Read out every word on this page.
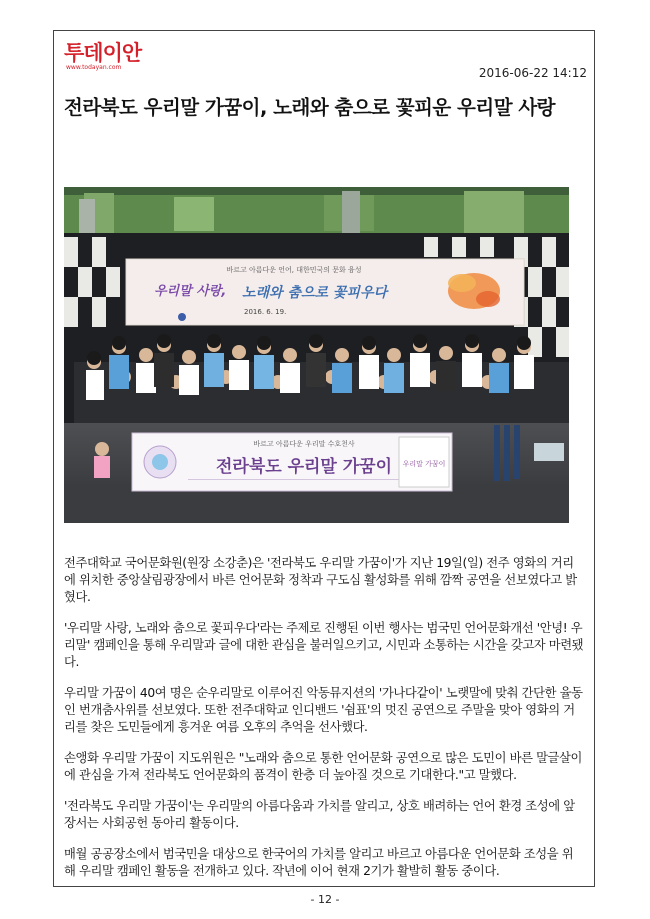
투데이안
www.todayan.com	2016-06-22 14:12
전라북도 우리말 가꿈이, 노래와 춤으로 꽃피운 우리말 사랑
바르고 아름다운 언어, 대한민국의 문화 융성
우리말 사랑, 노래와 춤으로 꽃피우다
2016. 6. 19.
바르고 아름다운 우리말 수호천사
전라북도 우리말 가꿈이 우리말 가꿈이

전주대학교 국어문화원(원장 소강춘)은 '전라북도 우리말 가꿈이'가 지난 19일(일) 전주 영화의 거리에 위치한 중앙살림광장에서 바른 언어문화 정착과 구도심 활성화를 위해 깜짝 공연을 선보였다고 밝혔다.

'우리말 사랑, 노래와 춤으로 꽃피우다'라는 주제로 진행된 이번 행사는 범국민 언어문화개선 '안녕! 우리말' 캠페인을 통해 우리말과 글에 대한 관심을 불러일으키고, 시민과 소통하는 시간을 갖고자 마련됐다.

우리말 가꿈이 40여 명은 순우리말로 이루어진 악동뮤지션의 '가나다같이' 노랫말에 맞춰 간단한 율동인 번개춤사위를 선보였다. 또한 전주대학교 인디밴드 '쉼표'의 멋진 공연으로 주말을 맞아 영화의 거리를 찾은 도민들에게 흥겨운 여름 오후의 추억을 선사했다.

손앵화 우리말 가꿈이 지도위원은 "노래와 춤으로 통한 언어문화 공연으로 많은 도민이 바른 말글살이에 관심을 가져 전라북도 언어문화의 품격이 한층 더 높아질 것으로 기대한다."고 말했다.

'전라북도 우리말 가꿈이'는 우리말의 아름다움과 가치를 알리고, 상호 배려하는 언어 환경 조성에 앞장서는 사회공헌 동아리 활동이다.

매월 공공장소에서 범국민을 대상으로 한국어의 가치를 알리고 바르고 아름다운 언어문화 조성을 위해 우리말 캠페인 활동을 전개하고 있다. 작년에 이어 현재 2기가 활발히 활동 중이다.

- 12 -
